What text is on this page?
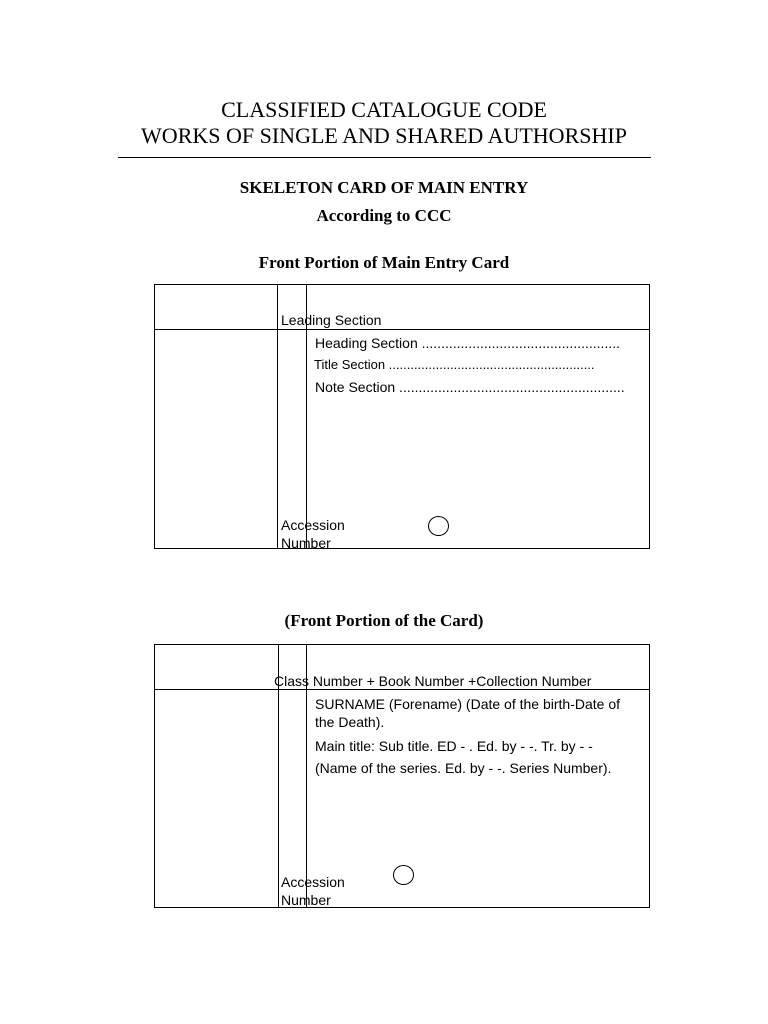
CLASSIFIED CATALOGUE CODE
WORKS OF SINGLE AND SHARED AUTHORSHIP
SKELETON CARD OF MAIN ENTRY
According to CCC
Front Portion of Main Entry Card
Leading Section
Heading Section ...................................................
Title Section .........................................................
Note Section ..........................................................
Accession
Number
(Front Portion of the Card)
Class Number + Book Number +Collection Number
SURNAME (Forename) (Date of the birth-Date of
the Death).
Main title: Sub title. ED - . Ed. by - -. Tr. by - -
(Name of the series. Ed. by - -. Series Number).
Accession
Number
